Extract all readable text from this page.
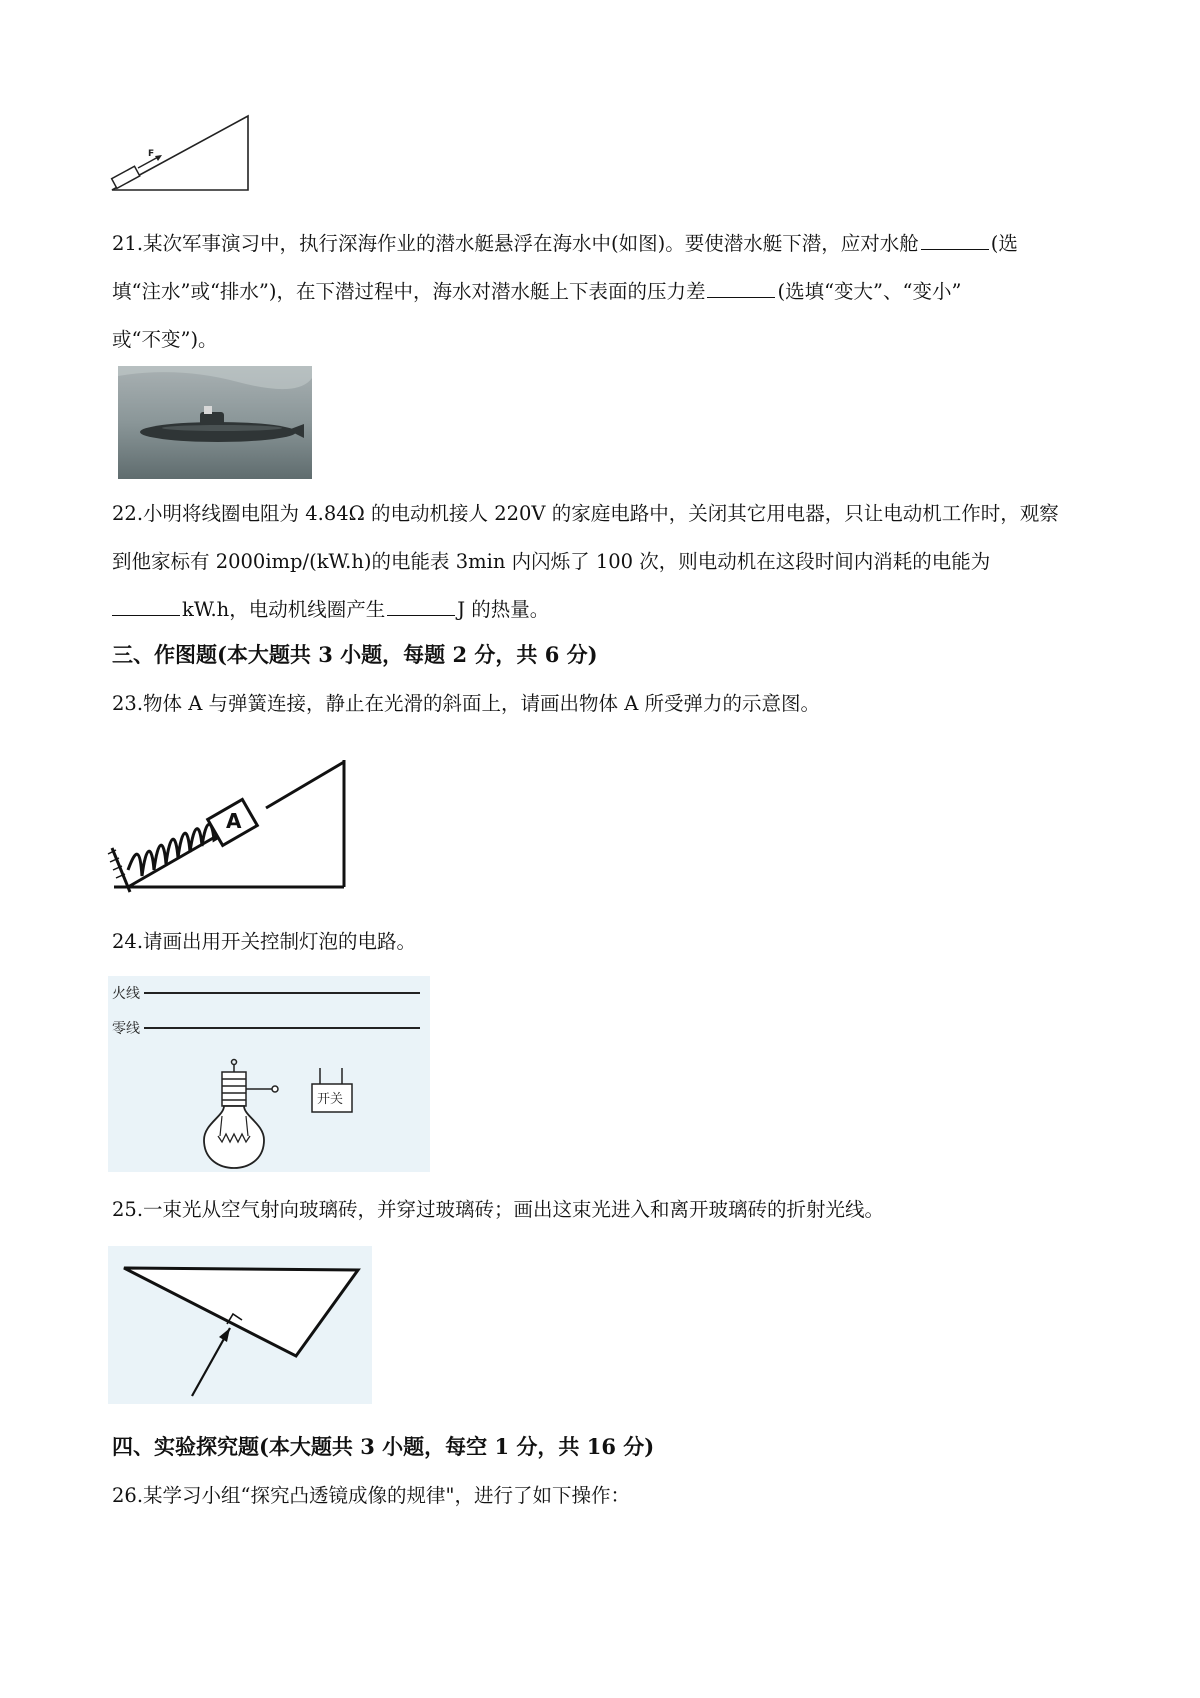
F
21.某次军事演习中，执行深海作业的潜水艇悬浮在海水中(如图)。要使潜水艇下潜，应对水舱	(选
填“注水”或“排水”)，在下潜过程中，海水对潜水艇上下表面的压力差	(选填“变大”、“变小”
或“不变”)。
22.小明将线圈电阻为 4.84Ω 的电动机接人 220V 的家庭电路中，关闭其它用电器，只让电动机工作时，观察
到他家标有 2000imp/(kW.h)的电能表 3min 内闪烁了 100 次，则电动机在这段时间内消耗的电能为
kW.h，电动机线圈产生	J 的热量。
三、作图题(本大题共 3 小题，每题 2 分，共 6 分)
23.物体 A 与弹簧连接，静止在光滑的斜面上，请画出物体 A 所受弹力的示意图。
A
24.请画出用开关控制灯泡的电路。
火线
零线
开关
25.一束光从空气射向玻璃砖，并穿过玻璃砖；画出这束光进入和离开玻璃砖的折射光线。
四、实验探究题(本大题共 3 小题，每空 1 分，共 16 分)
26.某学习小组“探究凸透镜成像的规律"，进行了如下操作：
